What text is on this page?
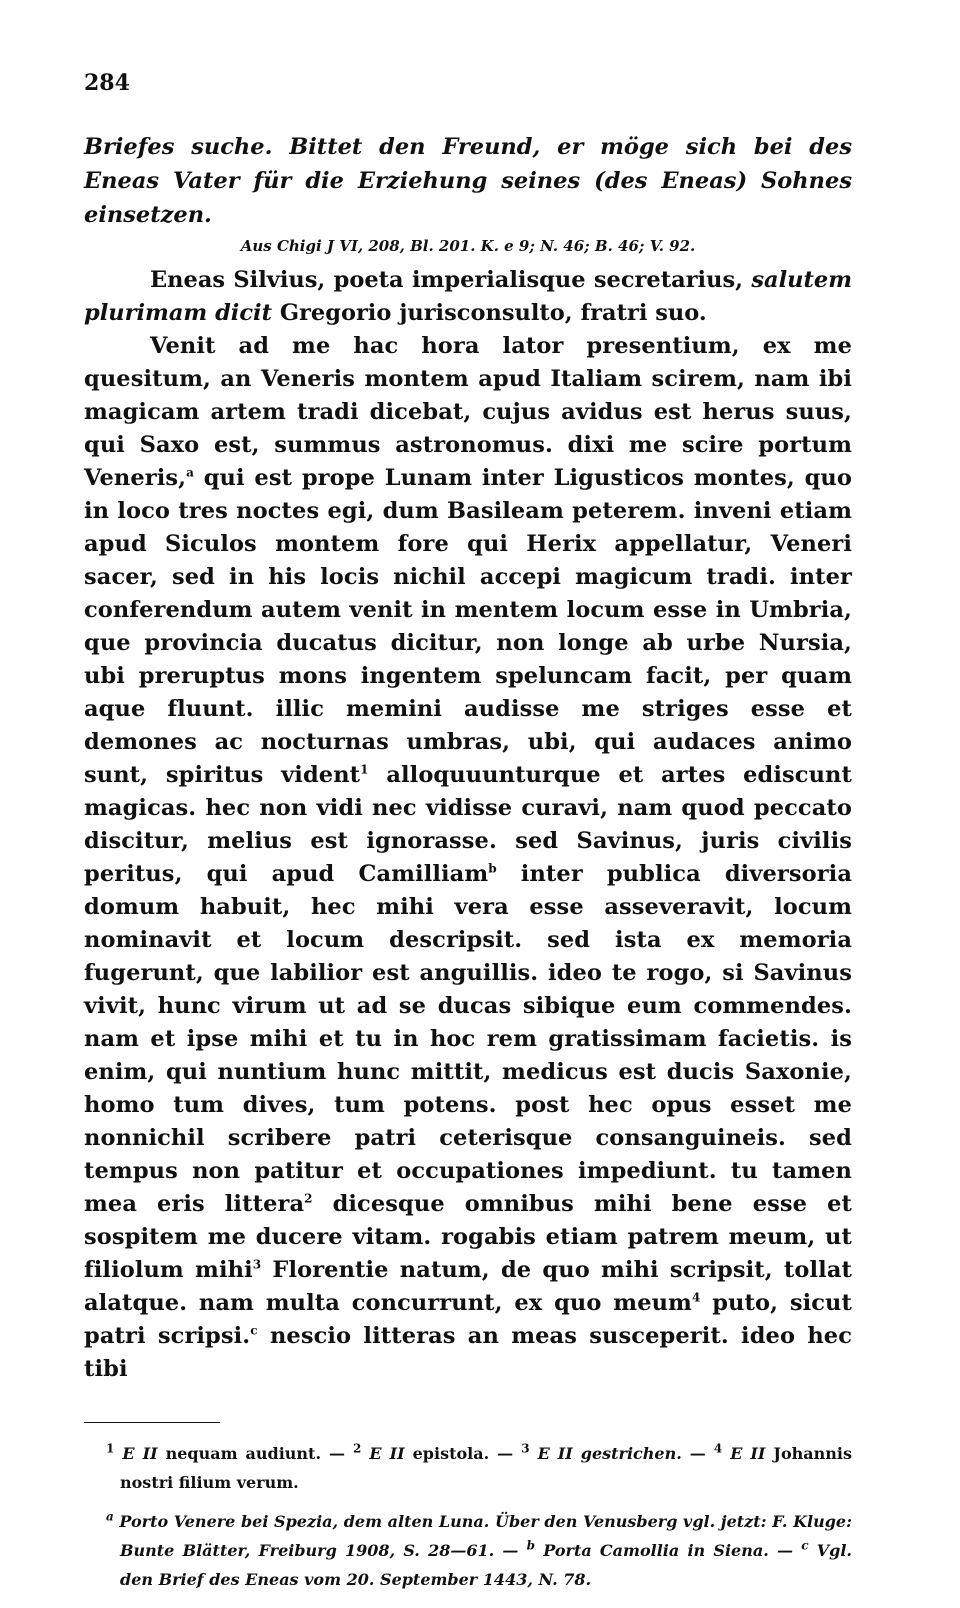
284

Briefes suche. Bittet den Freund, er möge sich bei des Eneas Vater für die Erziehung seines (des Eneas) Sohnes einsetzen.

Aus Chigi J VI, 208, Bl. 201. K. e 9; N. 46; B. 46; V. 92.

Eneas Silvius, poeta imperialisque secretarius, salutem plurimam dicit Gregorio jurisconsulto, fratri suo.

Venit ad me hac hora lator presentium, ex me quesitum, an Veneris montem apud Italiam scirem, nam ibi magicam artem tradi dicebat, cujus avidus est herus suus, qui Saxo est, summus astronomus. dixi me scire portum Veneris,$^a$ qui est prope Lunam inter Ligusticos montes, quo in loco tres noctes egi, dum Basileam peterem. inveni etiam apud Siculos montem fore qui Herix appellatur, Veneri sacer, sed in his locis nichil accepi magicum tradi. inter conferendum autem venit in mentem locum esse in Umbria, que provincia ducatus dicitur, non longe ab urbe Nursia, ubi preruptus mons ingentem speluncam facit, per quam aque fluunt. illic memini audisse me striges esse et demones ac nocturnas umbras, ubi, qui audaces animo sunt, spiritus vident$^1$ alloquuunturque et artes ediscunt magicas. hec non vidi nec vidisse curavi, nam quod peccato discitur, melius est ignorasse. sed Savinus, juris civilis peritus, qui apud Camilliam$^b$ inter publica diversoria domum habuit, hec mihi vera esse asseveravit, locum nominavit et locum descripsit. sed ista ex memoria fugerunt, que labilior est anguillis. ideo te rogo, si Savinus vivit, hunc virum ut ad se ducas sibique eum commendes. nam et ipse mihi et tu in hoc rem gratissimam facietis. is enim, qui nuntium hunc mittit, medicus est ducis Saxonie, homo tum dives, tum potens. post hec opus esset me nonnichil scribere patri ceterisque consanguineis. sed tempus non patitur et occupationes impediunt. tu tamen mea eris littera$^2$ dicesque omnibus mihi bene esse et sospitem me ducere vitam. rogabis etiam patrem meum, ut filiolum mihi$^3$ Florentie natum, de quo mihi scripsit, tollat alatque. nam multa concurrunt, ex quo meum$^4$ puto, sicut patri scripsi.$^c$ nescio litteras an meas susceperit. ideo hec tibi

$^1$ E II nequam audiunt. — $^2$ E II epistola. — $^3$ E II gestrichen. — $^4$ E II Johannis nostri filium verum.

$^a$ Porto Venere bei Spezia, dem alten Luna. Über den Venusberg vgl. jetzt: F. Kluge: Bunte Blätter, Freiburg 1908, S. 28—61. — $^b$ Porta Camollia in Siena. — $^c$ Vgl. den Brief des Eneas vom 20. September 1443, N. 78.
